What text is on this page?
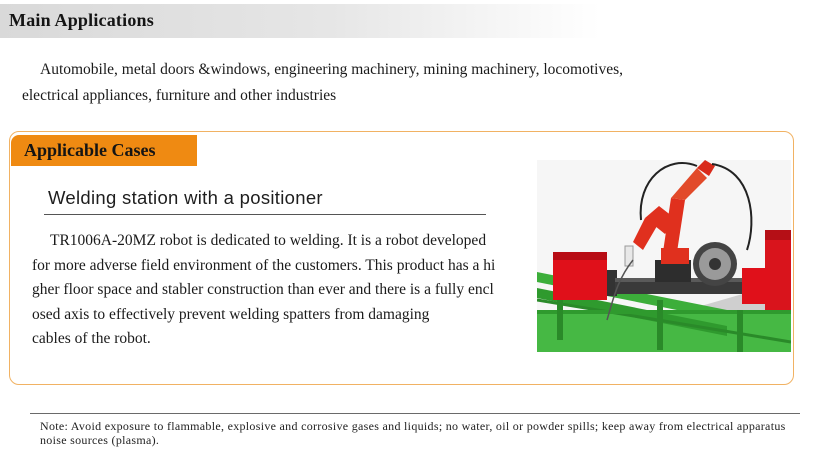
Main Applications
Automobile, metal doors &windows, engineering machinery, mining machinery, locomotives,
electrical appliances, furniture and other industries
Applicable Cases
Welding station with a positioner
TR1006A-20MZ robot is dedicated to welding. It is a robot developed
for more adverse field environment of the customers. This product has a hi
gher floor space and stabler construction than ever and there is a fully encl
osed axis to effectively prevent welding spatters from damaging
cables of the robot.
Note: Avoid exposure to flammable, explosive and corrosive gases and liquids; no water, oil or powder spills; keep away from electrical apparatus noise sources (plasma).
